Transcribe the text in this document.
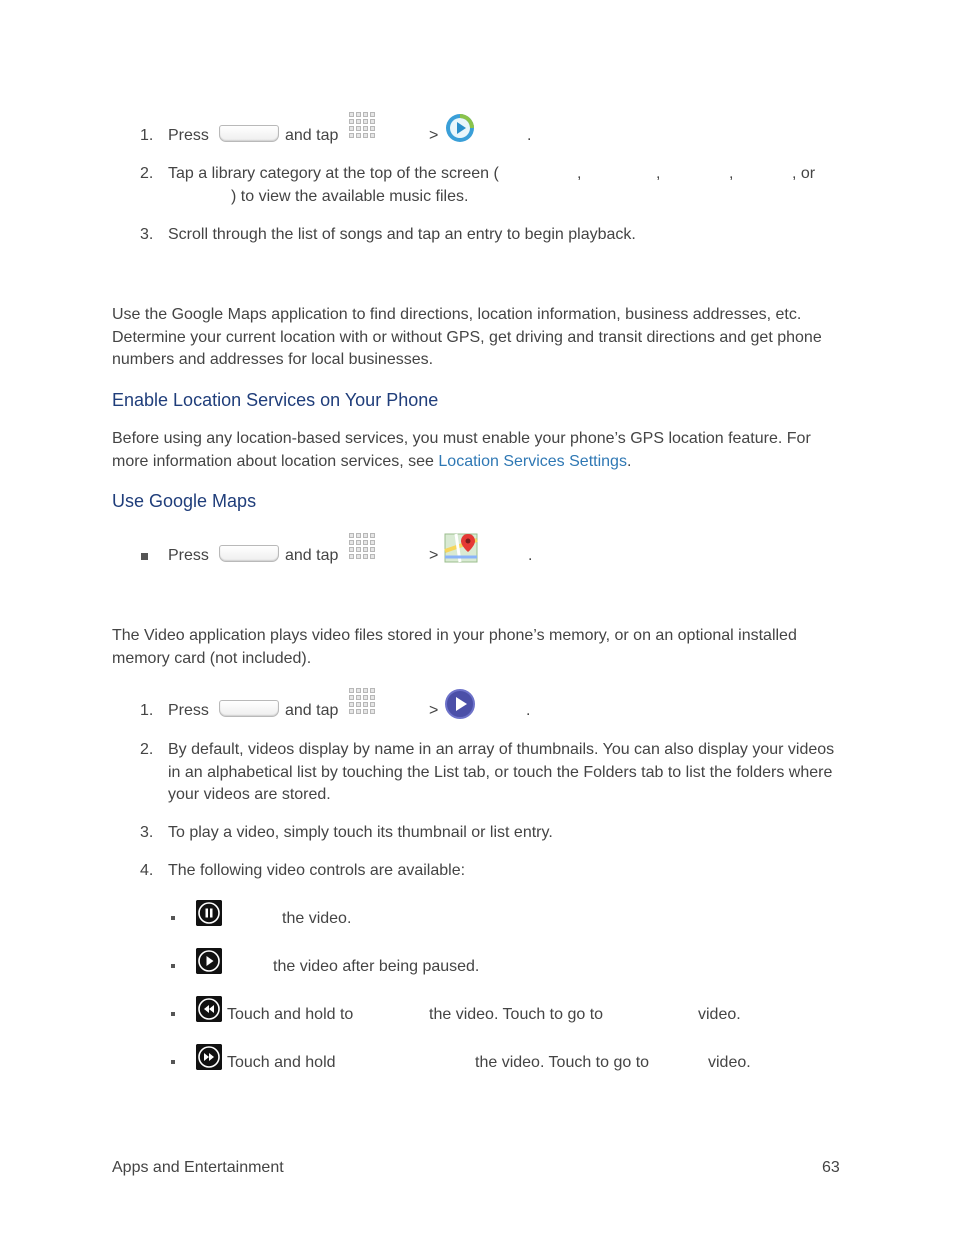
1. Press	and tap	>	.
2. Tap a library category at the top of the screen (	,	,	,	, or
) to view the available music files.
3. Scroll through the list of songs and tap an entry to begin playback.
Use the Google Maps application to find directions, location information, business addresses, etc. Determine your current location with or without GPS, get driving and transit directions and get phone numbers and addresses for local businesses.
Enable Location Services on Your Phone
Before using any location-based services, you must enable your phone’s GPS location feature. For more information about location services, see Location Services Settings.
Use Google Maps
Press	and tap	>	.
The Video application plays video files stored in your phone’s memory, or on an optional installed memory card (not included).
1. Press	and tap	>	.
2. By default, videos display by name in an array of thumbnails. You can also display your videos in an alphabetical list by touching the List tab, or touch the Folders tab to list the folders where your videos are stored.
3. To play a video, simply touch its thumbnail or list entry.
4. The following video controls are available:
the video.
the video after being paused.
Touch and hold to	the video. Touch to go to	video.
Touch and hold	the video. Touch to go to	video.
Apps and Entertainment	63
